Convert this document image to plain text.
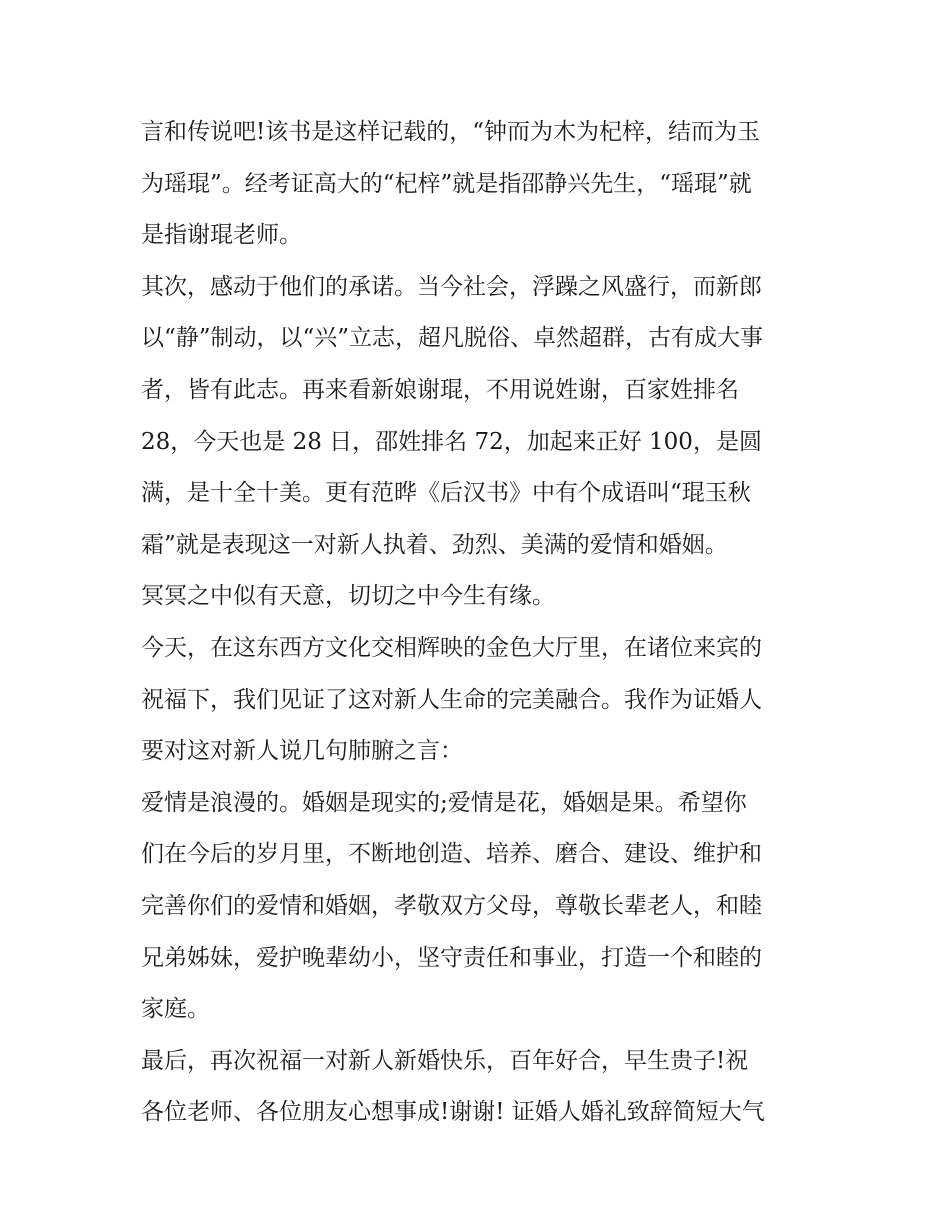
言和传说吧!该书是这样记载的，“钟而为木为杞梓，结而为玉
为瑶琨”。经考证高大的“杞梓”就是指邵静兴先生，“瑶琨”就
是指谢琨老师。
其次，感动于他们的承诺。当今社会，浮躁之风盛行，而新郎
以“静”制动，以“兴”立志，超凡脱俗、卓然超群，古有成大事
者，皆有此志。再来看新娘谢琨，不用说姓谢，百家姓排名
28，今天也是 28 日，邵姓排名 72，加起来正好 100，是圆
满，是十全十美。更有范晔《后汉书》中有个成语叫“琨玉秋
霜”就是表现这一对新人执着、劲烈、美满的爱情和婚姻。
冥冥之中似有天意，切切之中今生有缘。
今天，在这东西方文化交相辉映的金色大厅里，在诸位来宾的
祝福下，我们见证了这对新人生命的完美融合。我作为证婚人
要对这对新人说几句肺腑之言：
爱情是浪漫的。婚姻是现实的;爱情是花，婚姻是果。希望你
们在今后的岁月里，不断地创造、培养、磨合、建设、维护和
完善你们的爱情和婚姻，孝敬双方父母，尊敬长辈老人，和睦
兄弟姊妹，爱护晚辈幼小，坚守责任和事业，打造一个和睦的
家庭。
最后，再次祝福一对新人新婚快乐，百年好合，早生贵子!祝
各位老师、各位朋友心想事成!谢谢! 证婚人婚礼致辞简短大气
